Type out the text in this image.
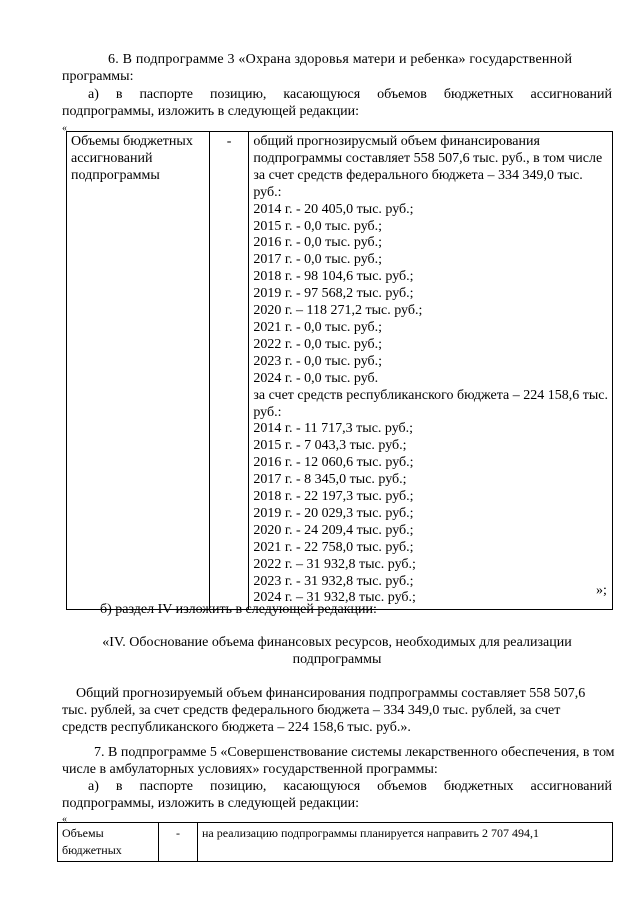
6. В подпрограмме 3 «Охрана здоровья матери и ребенка» государственной
программы:
а) в паспорте позицию, касающуюся объемов бюджетных ассигнований
подпрограммы, изложить в следующей редакции:
«
Объемы бюджетных
ассигнований
подпрограммы
	-	общий прогнозирусмый объем финансирования
подпрограммы составляет 558 507,6 тыс. руб., в том числе
за счет средств федерального бюджета – 334 349,0 тыс.
руб.:
2014 г. - 20 405,0 тыс. руб.;
2015 г. - 0,0 тыс. руб.;
2016 г. - 0,0 тыс. руб.;
2017 г. - 0,0 тыс. руб.;
2018 г. - 98 104,6 тыс. руб.;
2019 г. - 97 568,2 тыс. руб.;
2020 г. – 118 271,2 тыс. руб.;
2021 г. - 0,0 тыс. руб.;
2022 г. - 0,0 тыс. руб.;
2023 г. - 0,0 тыс. руб.;
2024 г. - 0,0 тыс. руб.
за счет средств республиканского бюджета – 224 158,6 тыс.
руб.:
2014 г. - 11 717,3 тыс. руб.;
2015 г. - 7 043,3 тыс. руб.;
2016 г. - 12 060,6 тыс. руб.;
2017 г. - 8 345,0 тыс. руб.;
2018 г. - 22 197,3 тыс. руб.;
2019 г. - 20 029,3 тыс. руб.;
2020 г. - 24 209,4 тыс. руб.;
2021 г. - 22 758,0 тыс. руб.;
2022 г. – 31 932,8 тыс. руб.;
2023 г. - 31 932,8 тыс. руб.;
2024 г. – 31 932,8 тыс. руб.;	»;
б) раздел IV изложить в следующей редакции:
«IV. Обоснование объема финансовых ресурсов, необходимых для реализации
подпрограммы
Общий прогнозируемый объем финансирования подпрограммы составляет 558 507,6
тыс. рублей, за счет средств федерального бюджета – 334 349,0 тыс. рублей, за счет
средств республиканского бюджета – 224 158,6 тыс. руб.».
7. В подпрограмме 5 «Совершенствование системы лекарственного обеспечения, в том
числе в амбулаторных условиях» государственной программы:
а) в паспорте позицию, касающуюся объемов бюджетных ассигнований
подпрограммы, изложить в следующей редакции:
«
Объемы
бюджетных
	-	на реализацию подпрограммы планируется направить 2 707 494,1
